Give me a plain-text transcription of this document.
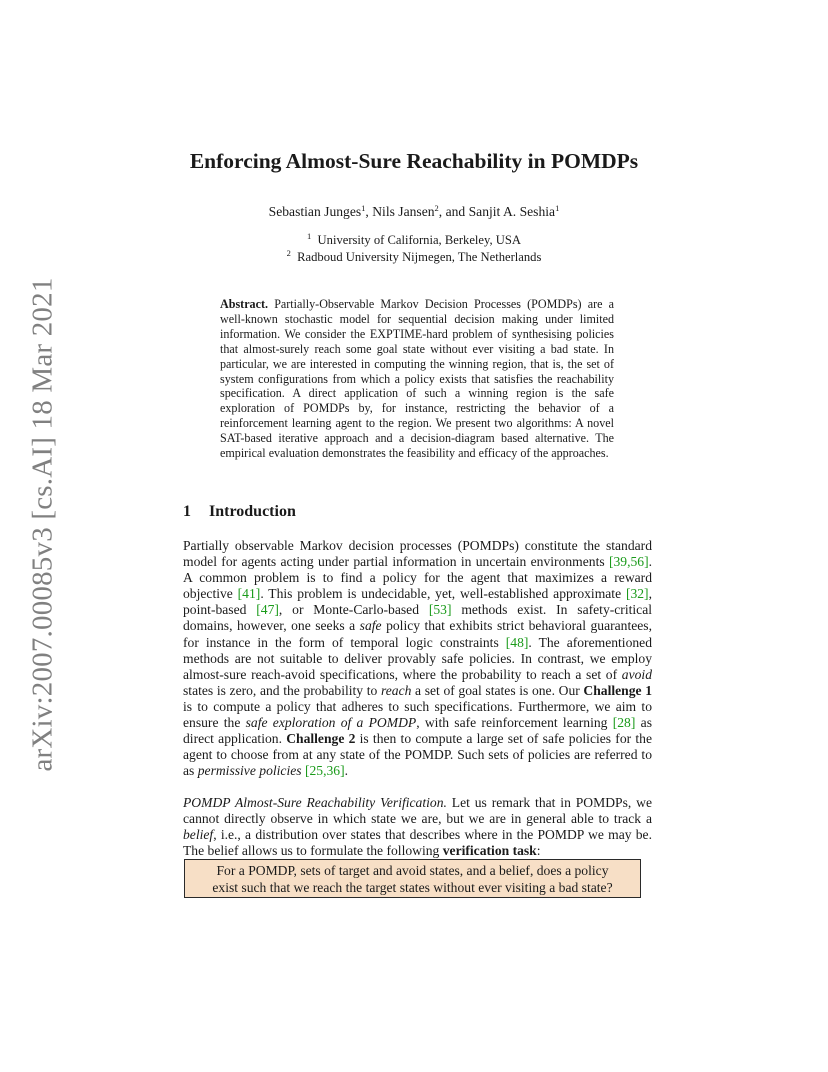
arXiv:2007.00085v3 [cs.AI] 18 Mar 2021
Enforcing Almost-Sure Reachability in POMDPs
Sebastian Junges$^1$, Nils Jansen$^2$, and Sanjit A. Seshia$^1$
$^1$ University of California, Berkeley, USA
$^2$ Radboud University Nijmegen, The Netherlands

Abstract. Partially-Observable Markov Decision Processes (POMDPs) are a well-known stochastic model for sequential decision making under limited information. We consider the EXPTIME-hard problem of synthesising policies that almost-surely reach some goal state without ever visiting a bad state. In particular, we are interested in computing the winning region, that is, the set of system configurations from which a policy exists that satisfies the reachability specification. A direct application of such a winning region is the safe exploration of POMDPs by, for instance, restricting the behavior of a reinforcement learning agent to the region. We present two algorithms: A novel SAT-based iterative approach and a decision-diagram based alternative. The empirical evaluation demonstrates the feasibility and efficacy of the approaches.

1 Introduction

Partially observable Markov decision processes (POMDPs) constitute the standard model for agents acting under partial information in uncertain environments [39,56]. A common problem is to find a policy for the agent that maximizes a reward objective [41]. This problem is undecidable, yet, well-established approximate [32], point-based [47], or Monte-Carlo-based [53] methods exist. In safety-critical domains, however, one seeks a safe policy that exhibits strict behavioral guarantees, for instance in the form of temporal logic constraints [48]. The aforementioned methods are not suitable to deliver provably safe policies. In contrast, we employ almost-sure reach-avoid specifications, where the probability to reach a set of avoid states is zero, and the probability to reach a set of goal states is one. Our Challenge 1 is to compute a policy that adheres to such specifications. Furthermore, we aim to ensure the safe exploration of a POMDP, with safe reinforcement learning [28] as direct application. Challenge 2 is then to compute a large set of safe policies for the agent to choose from at any state of the POMDP. Such sets of policies are referred to as permissive policies [25,36].

POMDP Almost-Sure Reachability Verification. Let us remark that in POMDPs, we cannot directly observe in which state we are, but we are in general able to track a belief, i.e., a distribution over states that describes where in the POMDP we may be. The belief allows us to formulate the following verification task:

For a POMDP, sets of target and avoid states, and a belief, does a policy
exist such that we reach the target states without ever visiting a bad state?
